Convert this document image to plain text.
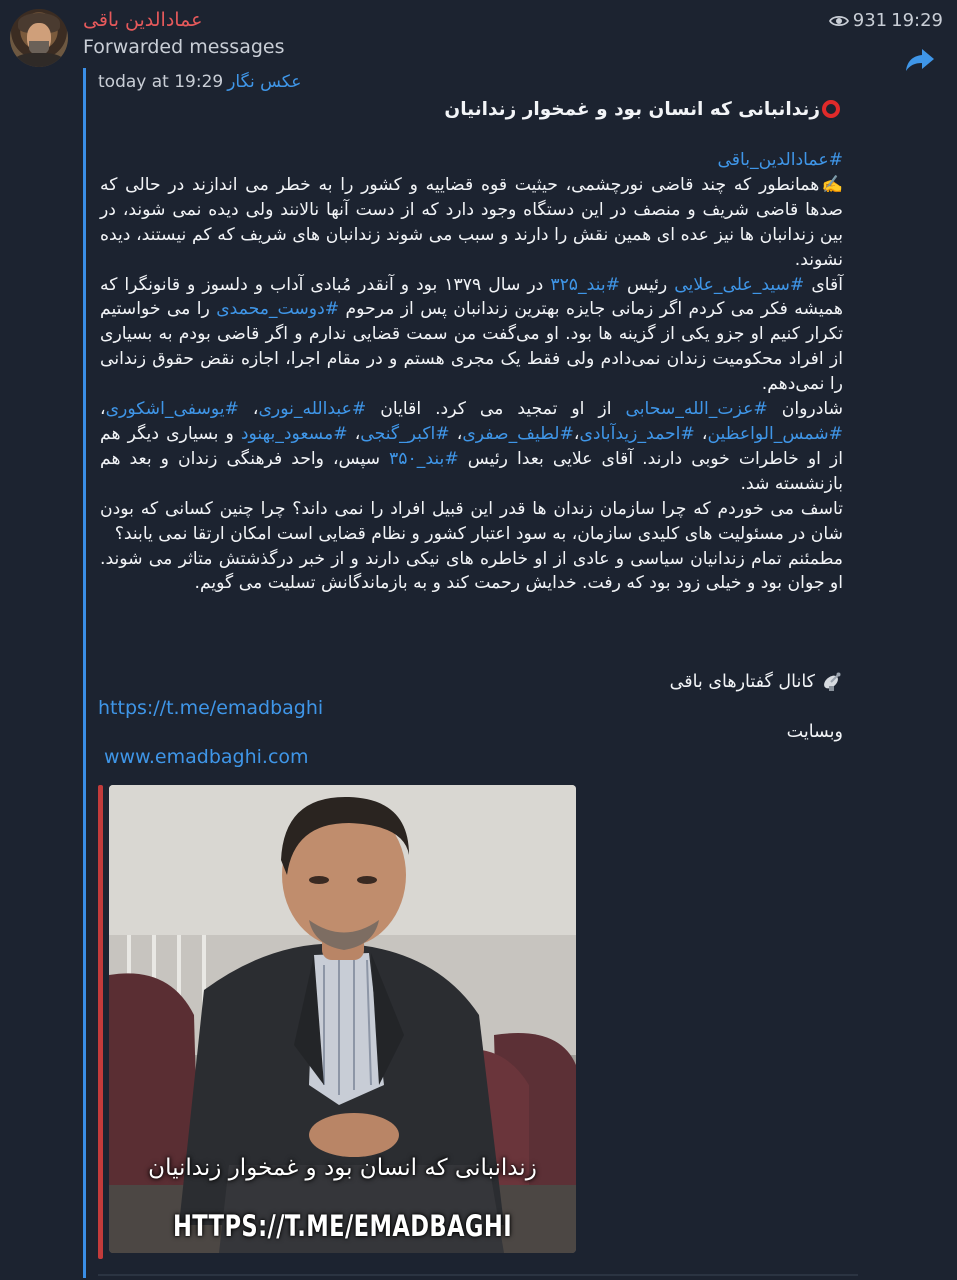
عمادالدین باقی
Forwarded messages
931 19:29
today at 19:29 عکس نگار
زندانبانی که انسان بود و غمخوار زندانیان

#عمادالدین_باقی
✍️همانطور که چند قاضی نورچشمی، حیثیت قوه قضاییه و کشور را به خطر می اندازند در حالی که صدها قاضی شریف و منصف در این دستگاه وجود دارد که از دست آنها نالانند ولی دیده نمی شوند، در بین زندانبان ها نیز عده ای همین نقش را دارند و سبب می شوند زندانبان های شریف که کم نیستند، دیده نشوند.

آقای #سید_علی_علایی رئیس #بند_۳۲۵ در سال ۱۳۷۹ بود و آنقدر مُبادی آداب و دلسوز و قانونگرا که همیشه فکر می کردم اگر زمانی جایزه بهترین زندانبان پس از مرحوم #دوست_محمدی را می خواستیم تکرار کنیم او جزو یکی از گزینه ها بود. او می‌گفت من سمت قضایی ندارم و اگر قاضی بودم به بسیاری از افراد محکومیت زندان نمی‌دادم ولی فقط یک مجری هستم و در مقام اجرا، اجازه نقض حقوق زندانی را نمی‌دهم.

شادروان #عزت_الله_سحابی از او تمجید می کرد. اقایان #عبدالله_نوری، #یوسفی_اشکوری، #شمس_الواعظین، #احمد_زیدآبادی،#لطیف_صفری، #اکبر_گنجی، #مسعود_بهنود و بسیاری دیگر هم از او خاطرات خوبی دارند. آقای علایی بعدا رئیس #بند_۳۵۰ سپس، واحد فرهنگی زندان و بعد هم بازنشسته شد.

تاسف می خوردم که چرا سازمان زندان ها قدر این قبیل افراد را نمی داند؟ چرا چنین کسانی که بودن شان در مسئولیت های کلیدی سازمان، به سود اعتبار کشور و نظام قضایی است امکان ارتقا نمی یابند؟

مطمئنم تمام زندانیان سیاسی و عادی از او خاطره های نیکی دارند و از خبر درگذشتش متاثر می شوند. او جوان بود و خیلی زود بود که رفت. خدایش رحمت کند و به بازماندگانش تسلیت می گویم.

کانال گفتارهای باقی
https://t.me/emadbaghi
وبسایت
www.emadbaghi.com
زندانبانی که انسان بود و غمخوار زندانیان
HTTPS://T.ME/EMADBAGHI
